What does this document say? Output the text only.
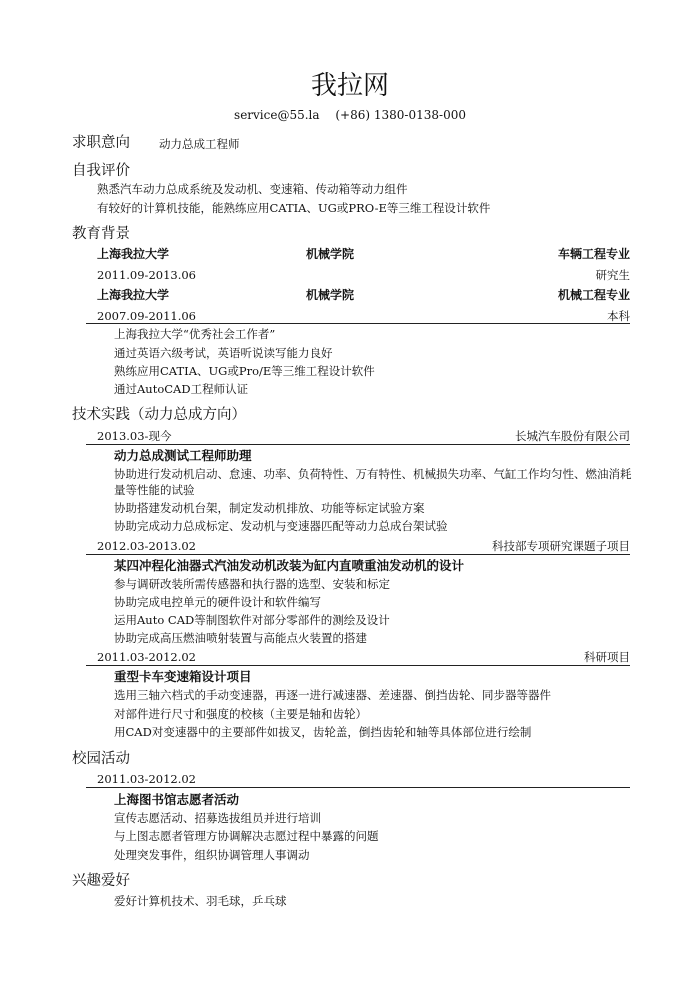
我拉网
service@55.la (+86) 1380-0138-000
求职意向	动力总成工程师
自我评价
熟悉汽车动力总成系统及发动机、变速箱、传动箱等动力组件
有较好的计算机技能，能熟练应用CATIA、UG或PRO-E等三维工程设计软件
教育背景
上海我拉大学	机械学院	车辆工程专业
2011.09-2013.06	研究生
上海我拉大学	机械学院	机械工程专业
2007.09-2011.06	本科
上海我拉大学“优秀社会工作者”
通过英语六级考试，英语听说读写能力良好
熟练应用CATIA、UG或Pro/E等三维工程设计软件
通过AutoCAD工程师认证
技术实践（动力总成方向）
2013.03-现今	长城汽车股份有限公司
动力总成测试工程师助理
协助进行发动机启动、怠速、功率、负荷特性、万有特性、机械损失功率、气缸工作均匀性、燃油消耗量等性能的试验
协助搭建发动机台架，制定发动机排放、功能等标定试验方案
协助完成动力总成标定、发动机与变速器匹配等动力总成台架试验
2012.03-2013.02	科技部专项研究课题子项目
某四冲程化油器式汽油发动机改装为缸内直喷重油发动机的设计
参与调研改装所需传感器和执行器的选型、安装和标定
协助完成电控单元的硬件设计和软件编写
运用Auto CAD等制图软件对部分零部件的测绘及设计
协助完成高压燃油喷射装置与高能点火装置的搭建
2011.03-2012.02	科研项目
重型卡车变速箱设计项目
选用三轴六档式的手动变速器，再逐一进行减速器、差速器、倒挡齿轮、同步器等器件
对部件进行尺寸和强度的校核（主要是轴和齿轮）
用CAD对变速器中的主要部件如拔叉，齿轮盖，倒挡齿轮和轴等具体部位进行绘制
校园活动
2011.03-2012.02
上海图书馆志愿者活动
宣传志愿活动、招募选拔组员并进行培训
与上图志愿者管理方协调解决志愿过程中暴露的问题
处理突发事件，组织协调管理人事调动
兴趣爱好
爱好计算机技术、羽毛球，乒乓球
